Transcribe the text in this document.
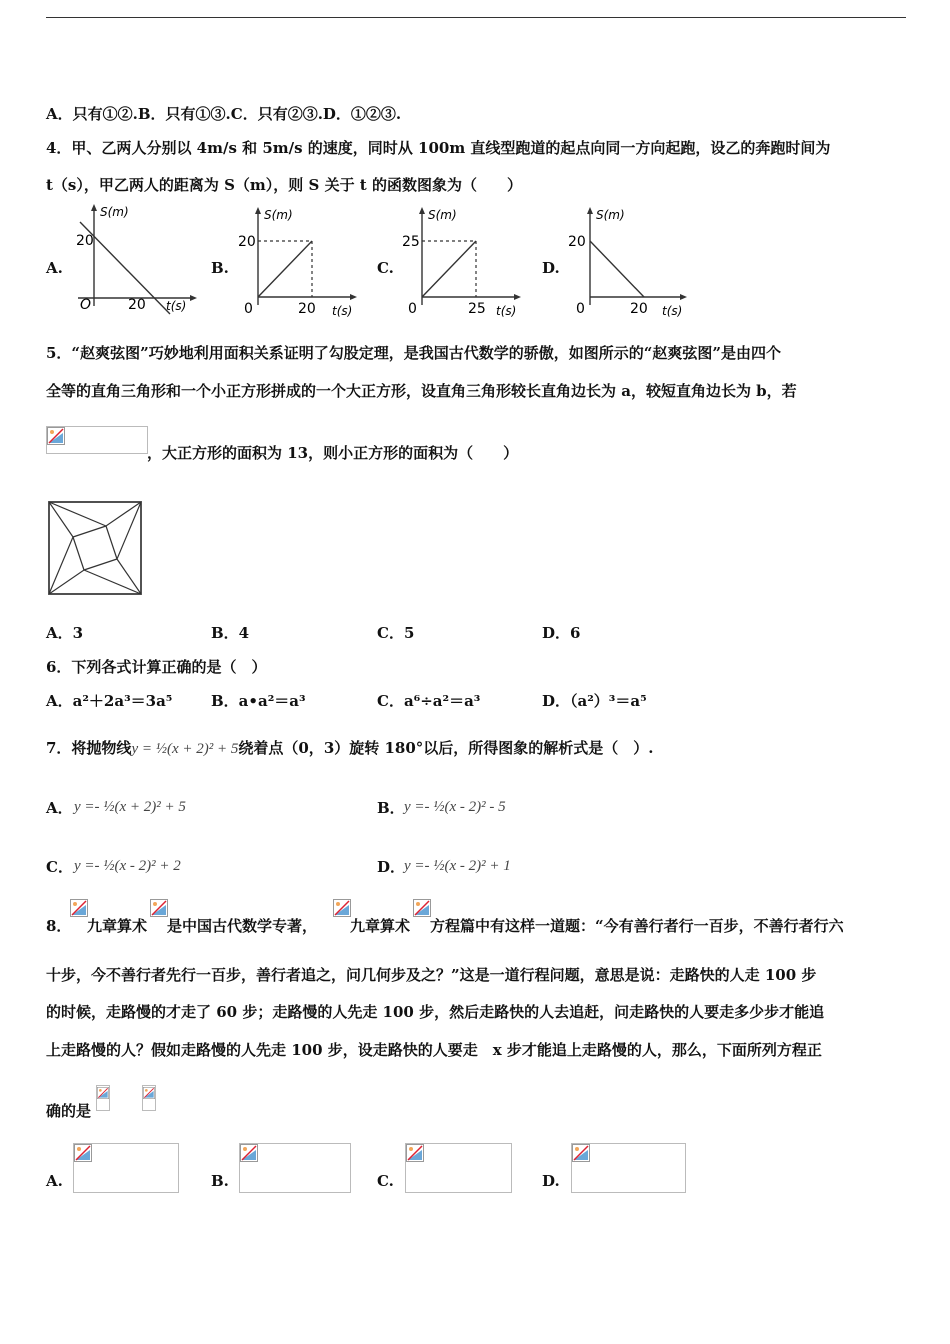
A．只有①②.B．只有①③.C．只有②③.D．①②③.
4．甲、乙两人分别以 4m/s 和 5m/s 的速度，同时从 100m 直线型跑道的起点向同一方向起跑，设乙的奔跑时间为
t（s），甲乙两人的距离为 S（m），则 S 关于 t 的函数图象为（　　）
A.	B.	C.	D.
S(m)
20
O	20 t(s)
S(m)
20
0	20 t(s)
S(m)
25
0	25 t(s)
S(m)
20
0	20 t(s)
5．“赵爽弦图”巧妙地利用面积关系证明了勾股定理，是我国古代数学的骄傲，如图所示的“赵爽弦图”是由四个
全等的直角三角形和一个小正方形拼成的一个大正方形，设直角三角形较长直角边长为 a，较短直角边长为 b，若
，大正方形的面积为 13，则小正方形的面积为（　　）
A．3	B．4	C．5	D．6
6．下列各式计算正确的是（　）
A．a²＋2a³＝3a⁵	B．a•a²＝a³	C．a⁶÷a²＝a³	D．（a²）³＝a⁵
7．将抛物线y = ½(x + 2)² + 5绕着点（0，3）旋转 180°以后，所得图象的解析式是（　）.
A． y =- ½(x + 2)² + 5	B． y =- ½(x - 2)² - 5
C． y =- ½(x - 2)² + 2	D．
y =- ½(x - 2)² + 1
8． 九章算术 是中国古代数学专著， 九章算术 方程篇中有这样一道题：“今有善行者行一百步，不善行者行六
十步，今不善行者先行一百步，善行者追之，问几何步及之？”这是一道行程问题，意思是说：走路快的人走 100 步
的时候，走路慢的才走了 60 步；走路慢的人先走 100 步，然后走路快的人去追赶，问走路快的人要走多少步才能追
上走路慢的人？假如走路慢的人先走 100 步，设走路快的人要走　x 步才能追上走路慢的人，那么，下面所列方程正
确的是
A.	B.	C.	D.
